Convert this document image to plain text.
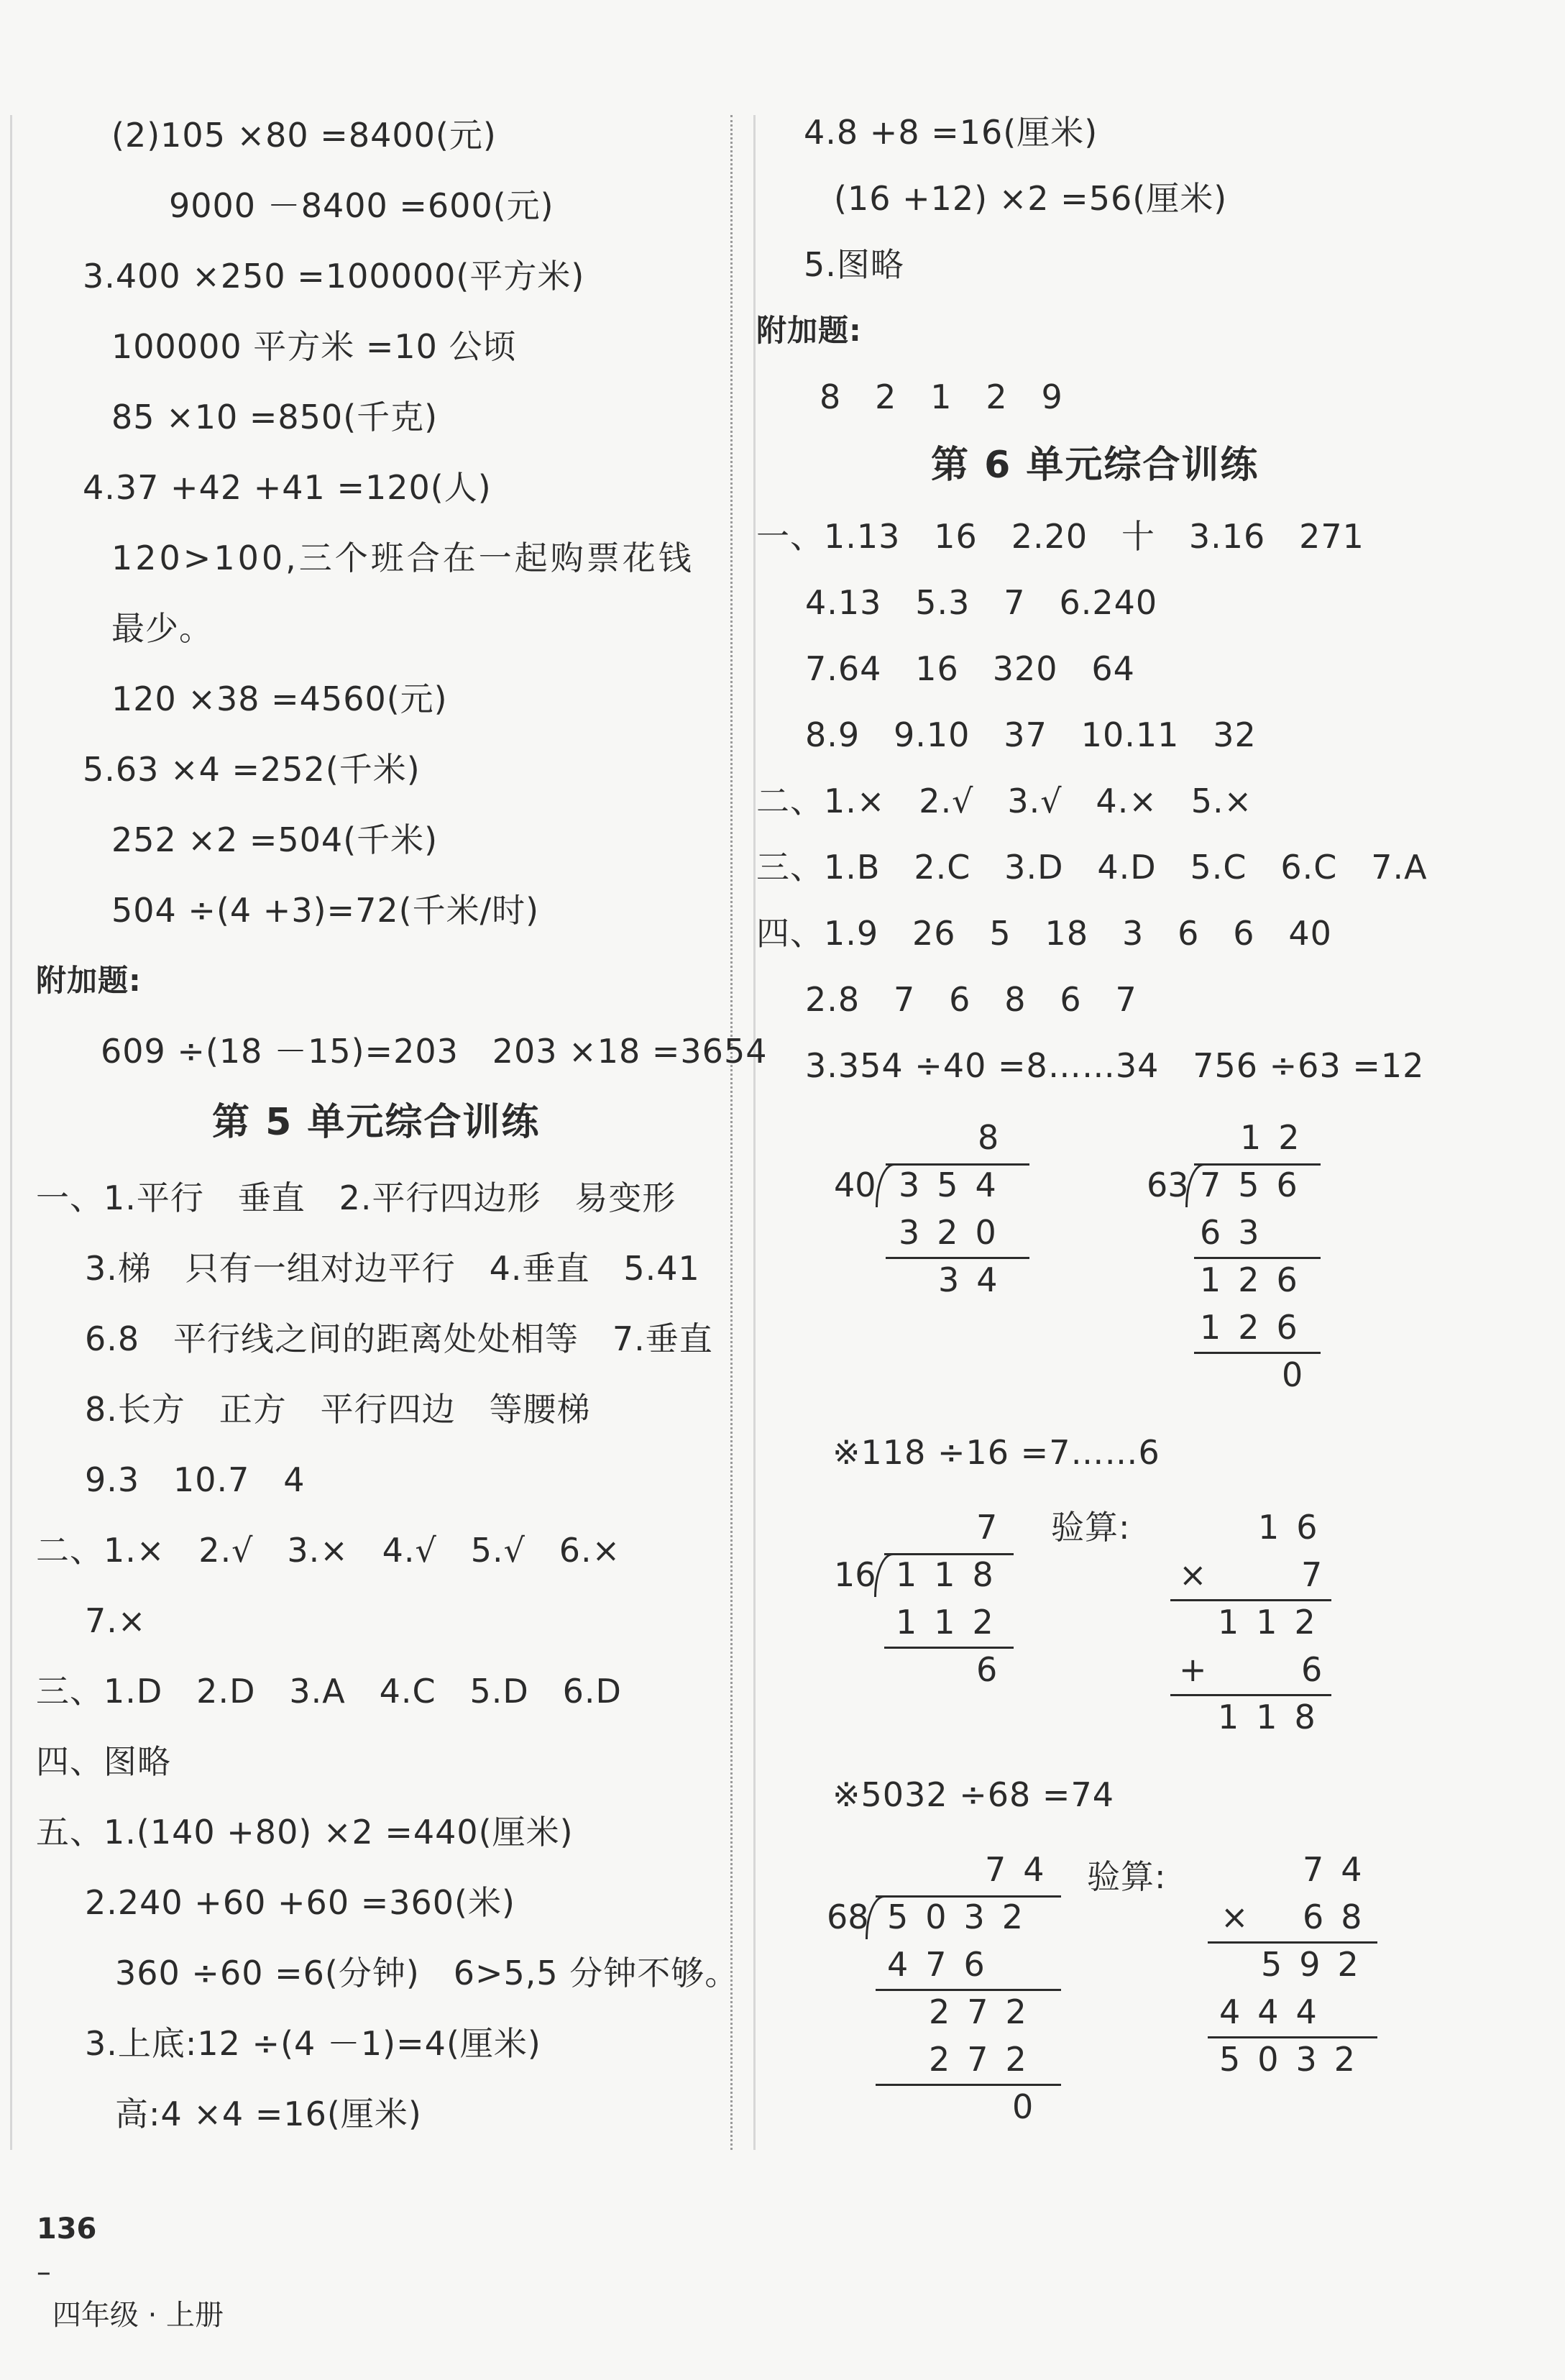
(2)105 ×80 =8400(元)
9000 －8400 =600(元)
3.400 ×250 =100000(平方米)
100000 平方米 =10 公顷
85 ×10 =850(千克)
4.37 +42 +41 =120(人)
120>100,三个班合在一起购票花钱
最少。
120 ×38 =4560(元)
5.63 ×4 =252(千米)
252 ×2 =504(千米)
504 ÷(4 +3)=72(千米/时)
附加题:
609 ÷(18 －15)=203   203 ×18 =3654
第 5 单元综合训练
一、1.平行   垂直   2.平行四边形   易变形
3.梯   只有一组对边平行   4.垂直   5.41
6.8   平行线之间的距离处处相等   7.垂直
8.长方   正方   平行四边   等腰梯
9.3   10.7   4
二、1.×   2.√   3.×   4.√   5.√   6.×
7.×
三、1.D   2.D   3.A   4.C   5.D   6.D
四、图略
五、1.(140 +80) ×2 =440(厘米)
2.240 +60 +60 =360(米)
360 ÷60 =6(分钟)   6>5,5 分钟不够。
3.上底:12 ÷(4 －1)=4(厘米)
高:4 ×4 =16(厘米)
4.8 +8 =16(厘米)
(16 +12) ×2 =56(厘米)
5.图略
附加题:
8   2   1   2   9
第 6 单元综合训练
一、1.13   16   2.20   十   3.16   271
4.13   5.3   7   6.240
7.64   16   320   64
8.9   9.10   37   10.11   32
二、1.×   2.√   3.√   4.×   5.×
三、1.B   2.C   3.D   4.D   5.C   6.C   7.A
四、1.9   26   5   18   3   6   6   40
2.8   7   6   8   6   7
3.354 ÷40 =8……34   756 ÷63 =12
8
40 354
320
34
12
63 756
63
126
126
0
※118 ÷16 =7……6
7
16 118
112
6
验算:	16
× 7
112
+ 6
118
※5032 ÷68 =74
74
68 5032
476
272
272
0
验算:	74
× 68
592
444
5032

136
–
四年级 · 上册
